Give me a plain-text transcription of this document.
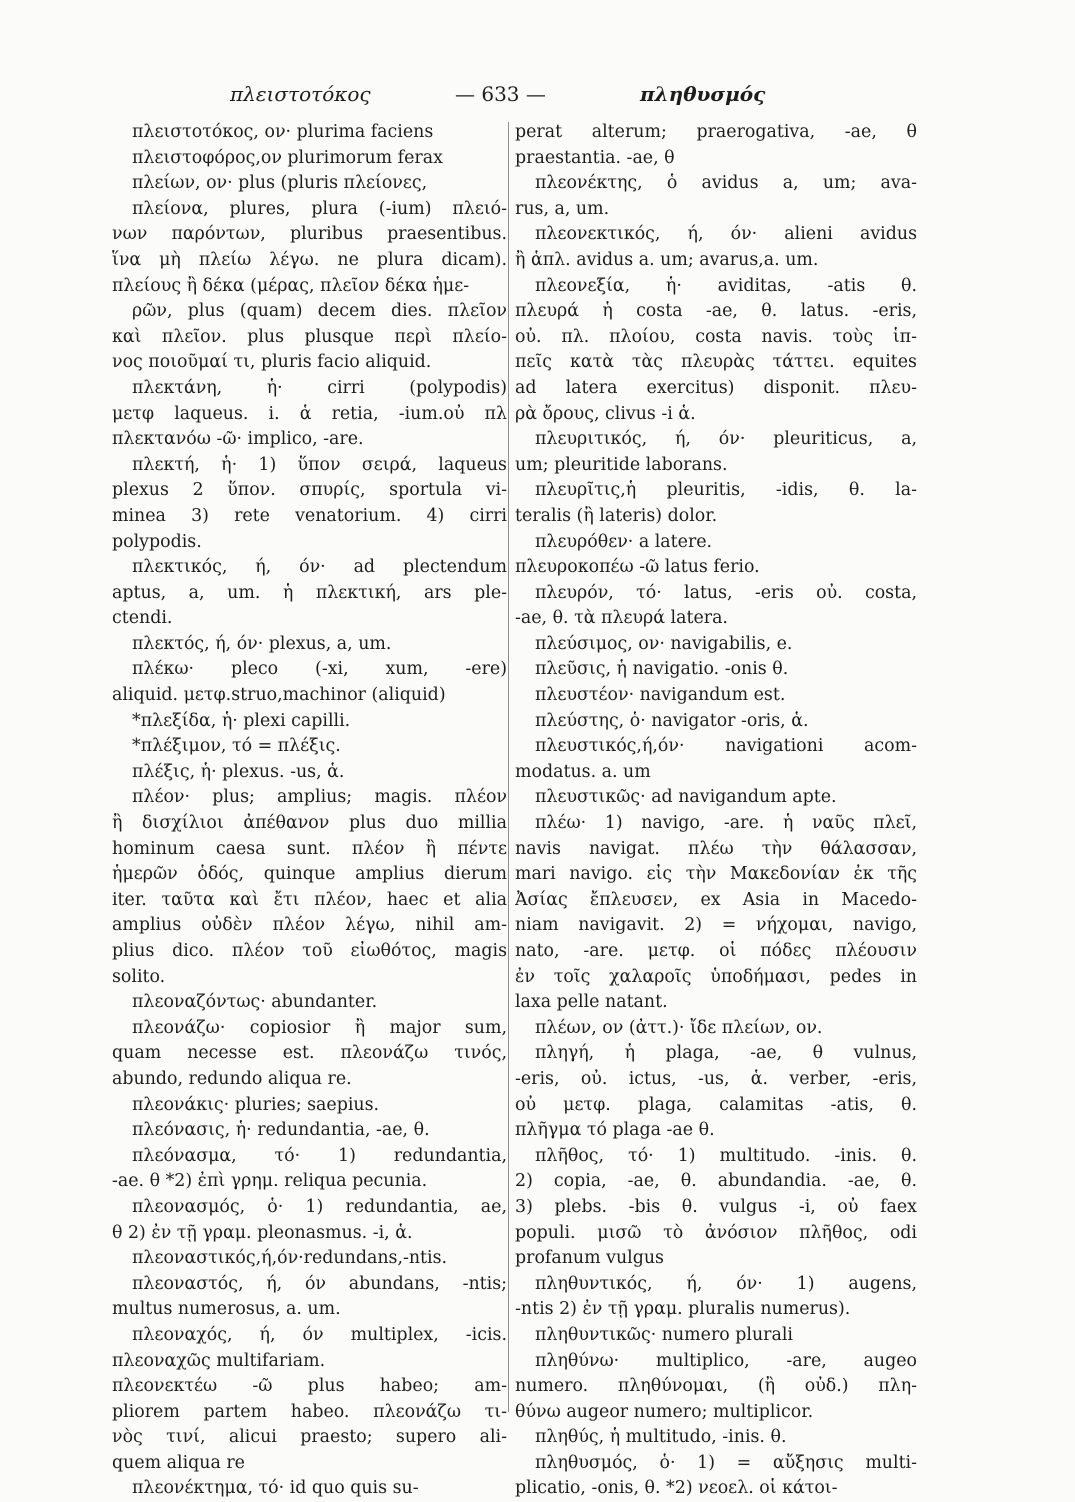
πλειστοτόκος	— 633 —	πληθυσμός
πλειστοτόκος, ον· plurima faciens
πλειστοφόρος,ον plurimorum ferax
πλείων, ον· plus (pluris πλείονες,
πλείονα, plures, plura (-ium) πλειό-
νων παρόντων, pluribus praesentibus.
ἵνα μὴ πλείω λέγω. ne plura dicam).
πλείους ἢ δέκα (μέρας, πλεῖον δέκα ἡμε-
ρῶν, plus (quam) decem dies. πλεῖον
καὶ πλεῖον. plus plusque περὶ πλείο-
νος ποιοῦμαί τι, pluris facio aliquid.
πλεκτάνη, ἡ· cirri (polypodis)
μετφ laqueus. i. ἁ retia, -ium.οὐ πλ
πλεκτανόω -ῶ· implico, -are.
πλεκτή, ἡ· 1) ὕπον σειρά, laqueus
plexus 2 ὕπον. σπυρίς, sportula vi-
minea 3) rete venatorium. 4) cirri
polypodis.
πλεκτικός, ή, όν· ad plectendum
aptus, a, um. ἡ πλεκτική, ars ple-
ctendi.
πλεκτός, ή, όν· plexus, a, um.
πλέκω· pleco (-xi, xum, -ere)
aliquid. μετφ.struo,machinor (aliquid)
*πλεξίδα, ἡ· plexi capilli.
*πλέξιμον, τό = πλέξις.
πλέξις, ἡ· plexus. -us, ἁ.
πλέον· plus; amplius; magis. πλέον
ἢ δισχίλιοι ἀπέθανον plus duo millia
hominum caesa sunt. πλέον ἢ πέντε
ἡμερῶν ὁδός, quinque amplius dierum
iter. ταῦτα καὶ ἔτι πλέον, haec et alia
amplius οὐδὲν πλέον λέγω, nihil am-
plius dico. πλέον τοῦ εἰωθότος, magis
solito.
πλεοναζόντως· abundanter.
πλεονάζω· copiosior ἢ major sum,
quam necesse est. πλεονάζω τινός,
abundo, redundo aliqua re.
πλεονάκις· pluries; saepius.
πλεόνασις, ἡ· redundantia, -ae, θ.
πλεόνασμα, τό· 1) redundantia,
-ae. θ *2) ἐπὶ γρημ. reliqua pecunia.
πλεονασμός, ὁ· 1) redundantia, ae,
θ 2) ἐν τῇ γραμ. pleonasmus. -i, ἁ.
πλεοναστικός,ή,όν·redundans,-ntis.
πλεοναστός, ή, όν abundans, -ntis;
multus numerosus, a. um.
πλεοναχός, ή, όν multiplex, -icis.
πλεοναχῶς multifariam.
πλεονεκτέω -ῶ plus habeo; am-
pliorem partem habeo. πλεονάζω τι-
νὸς τινί, alicui praesto; supero ali-
quem aliqua re
πλεονέκτημα, τό· id quo quis su-
perat alterum; praerogativa, -ae, θ
praestantia. -ae, θ
πλεονέκτης, ὁ avidus a, um; ava-
rus, a, um.
πλεονεκτικός, ή, όν· alieni avidus
ἢ ἁπλ. avidus a. um; avarus,a. um.
πλεονεξία, ἡ· aviditas, -atis θ.
πλευρά ἡ costa -ae, θ. latus. -eris,
οὐ. πλ. πλοίου, costa navis. τοὺς ἱπ-
πεῖς κατὰ τὰς πλευρὰς τάττει. equites
ad latera exercitus) disponit. πλευ-
ρὰ ὄρους, clivus -i ἁ.
πλευριτικός, ή, όν· pleuriticus, a,
um; pleuritide laborans.
πλευρῖτις,ἡ pleuritis, -idis, θ. la-
teralis (ἢ lateris) dolor.
πλευρόθεν· a latere.
πλευροκοπέω -ῶ latus ferio.
πλευρόν, τό· latus, -eris οὐ. costa,
-ae, θ. τὰ πλευρά latera.
πλεύσιμος, ον· navigabilis, e.
πλεῦσις, ἡ navigatio. -onis θ.
πλευστέον· navigandum est.
πλεύστης, ὁ· navigator -oris, ἁ.
πλευστικός,ή,όν· navigationi acom-
modatus. a. um
πλευστικῶς· ad navigandum apte.
πλέω· 1) navigo, -are. ἡ ναῦς πλεῖ,
navis navigat. πλέω τὴν θάλασσαν,
mari navigo. εἰς τὴν Μακεδονίαν ἐκ τῆς
Ἀσίας ἔπλευσεν, ex Asia in Macedo-
niam navigavit. 2) = νήχομαι, navigo,
nato, -are. μετφ. οἱ πόδες πλέουσιν
ἐν τοῖς χαλαροῖς ὑποδήμασι, pedes in
laxa pelle natant.
πλέων, ον (ἀττ.)· ἴδε πλείων, ον.
πληγή, ἡ plaga, -ae, θ vulnus,
-eris, οὐ. ictus, -us, ἁ. verber, -eris,
οὐ μετφ. plaga, calamitas -atis, θ.
πλῆγμα τό plaga -ae θ.
πλῆθος, τό· 1) multitudo. -inis. θ.
2) copia, -ae, θ. abundandia. -ae, θ.
3) plebs. -bis θ. vulgus -i, οὐ faex
populi. μισῶ τὸ ἀνόσιον πλῆθος, odi
profanum vulgus
πληθυντικός, ή, όν· 1) augens,
-ntis 2) ἐν τῇ γραμ. pluralis numerus).
πληθυντικῶς· numero plurali
πληθύνω· multiplico, -are, augeo
numero. πληθύνομαι, (ἢ οὐδ.) πλη-
θύνω augeor numero; multiplicor.
πληθύς, ἡ multitudo, -inis. θ.
πληθυσμός, ὁ· 1) = αὔξησις multi-
plicatio, -onis, θ. *2) νεοελ. οἱ κάτοι-
